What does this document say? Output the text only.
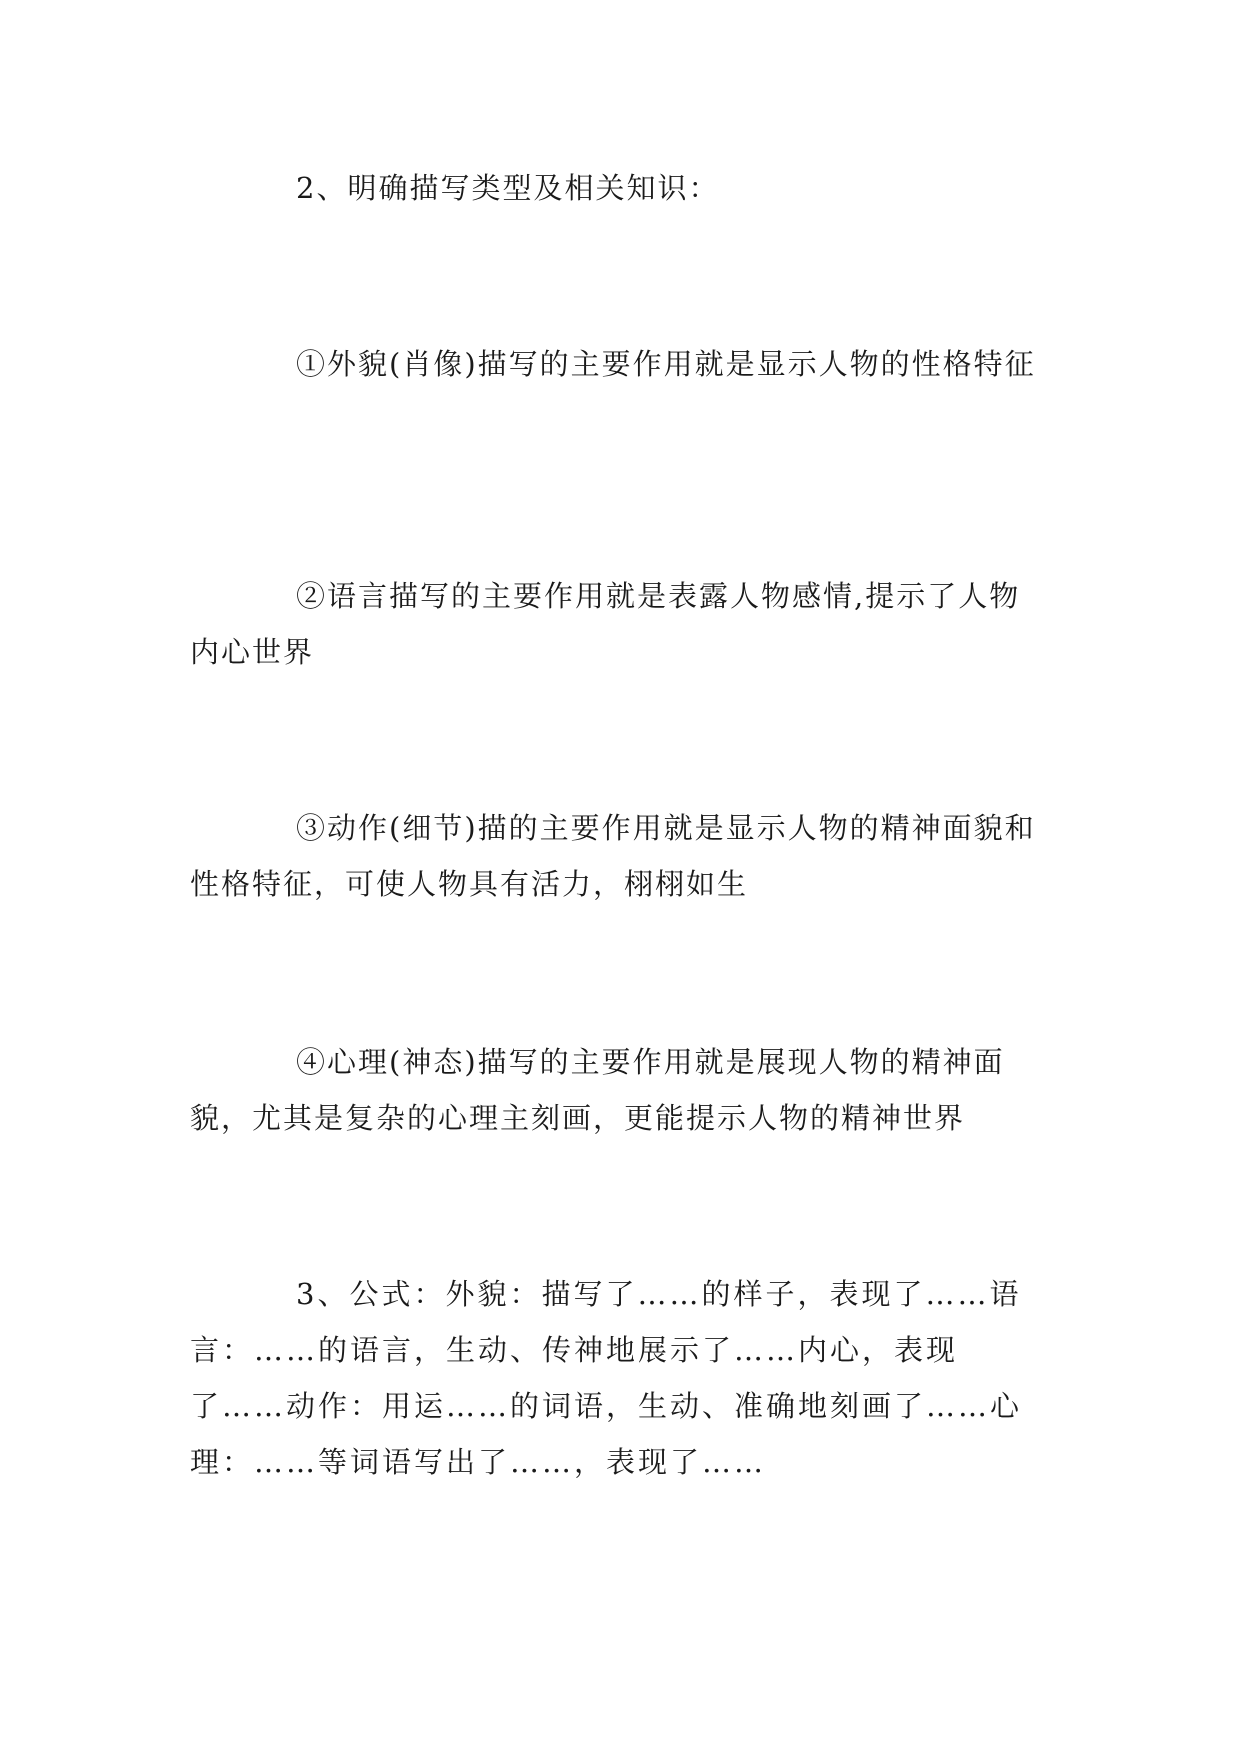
2、明确描写类型及相关知识：

①外貌(肖像)描写的主要作用就是显示人物的性格特征

②语言描写的主要作用就是表露人物感情,提示了人物内心世界

③动作(细节)描的主要作用就是显示人物的精神面貌和性格特征，可使人物具有活力，栩栩如生

④心理(神态)描写的主要作用就是展现人物的精神面貌，尤其是复杂的心理主刻画，更能提示人物的精神世界

3、公式：外貌：描写了……的样子，表现了……语言：……的语言，生动、传神地展示了……内心，表现了……动作：用运……的词语，生动、准确地刻画了……心理：……等词语写出了……，表现了……
